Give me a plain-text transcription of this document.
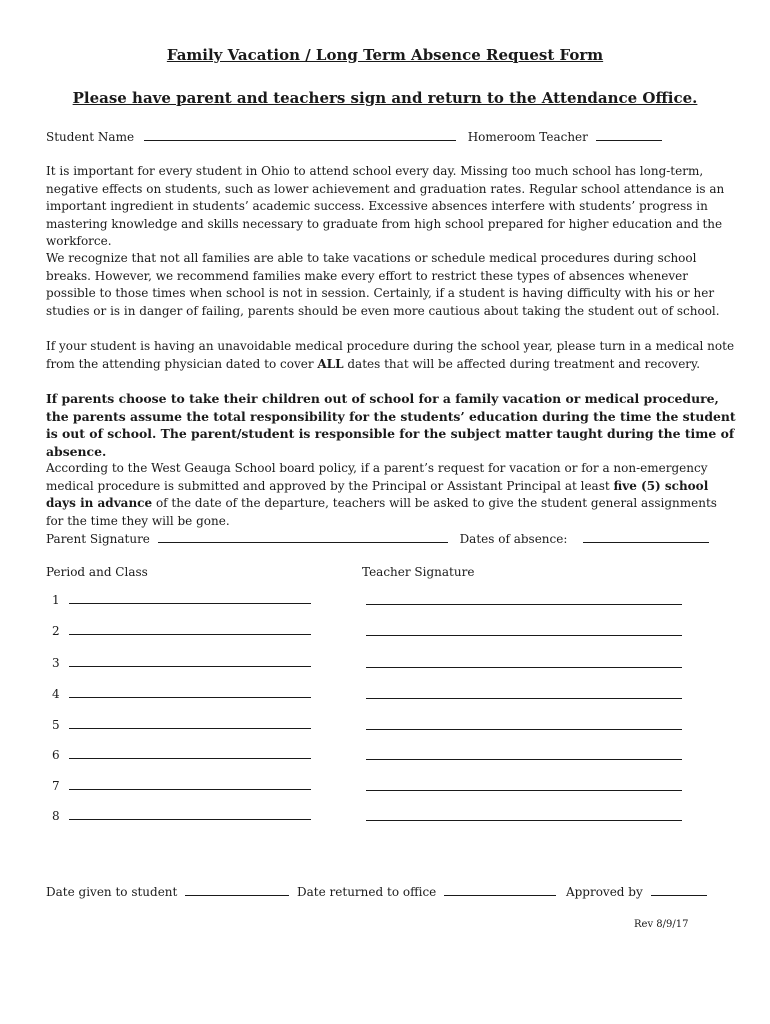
Family Vacation / Long Term Absence Request Form
Please have parent and teachers sign and return to the Attendance Office.
Student Name	Homeroom Teacher
It is important for every student in Ohio to attend school every day. Missing too much school has long-term, negative effects on students, such as lower achievement and graduation rates. Regular school attendance is an important ingredient in students’ academic success. Excessive absences interfere with students’ progress in mastering knowledge and skills necessary to graduate from high school prepared for higher education and the workforce.
We recognize that not all families are able to take vacations or schedule medical procedures during school breaks. However, we recommend families make every effort to restrict these types of absences whenever possible to those times when school is not in session. Certainly, if a student is having difficulty with his or her studies or is in danger of failing, parents should be even more cautious about taking the student out of school.
If your student is having an unavoidable medical procedure during the school year, please turn in a medical note from the attending physician dated to cover ALL dates that will be affected during treatment and recovery.
If parents choose to take their children out of school for a family vacation or medical procedure, the parents assume the total responsibility for the students’ education during the time the student is out of school. The parent/student is responsible for the subject matter taught during the time of absence.
According to the West Geauga School board policy, if a parent’s request for vacation or for a non-emergency medical procedure is submitted and approved by the Principal or Assistant Principal at least five (5) school days in advance of the date of the departure, teachers will be asked to give the student general assignments for the time they will be gone.
Parent Signature	Dates of absence:
Period and Class	Teacher Signature
1
2
3
4
5
6
7
8
Date given to student	Date returned to office	Approved by
Rev 8/9/17
